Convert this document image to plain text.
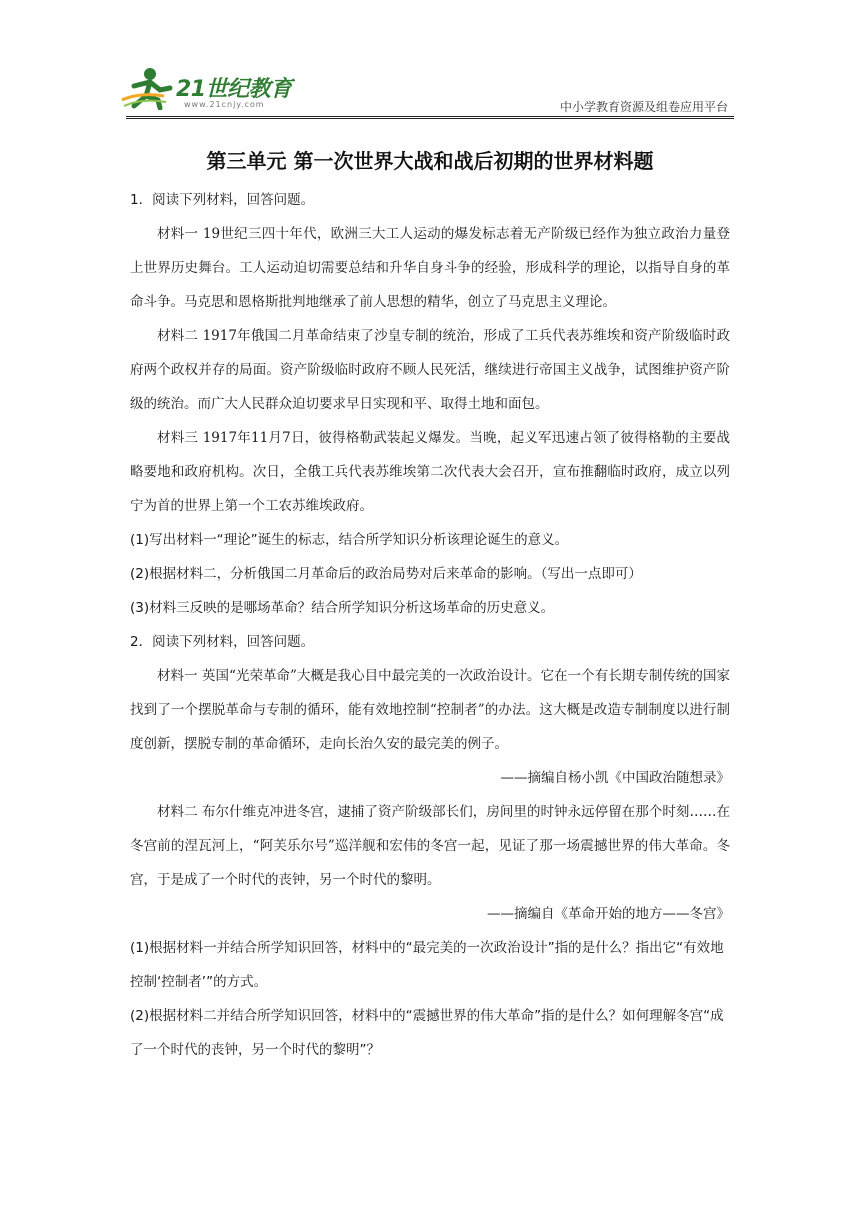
21世纪教育
www.21cnjy.com	中小学教育资源及组卷应用平台
第三单元 第一次世界大战和战后初期的世界材料题

1．阅读下列材料，回答问题。

材料一 19世纪三四十年代，欧洲三大工人运动的爆发标志着无产阶级已经作为独立政治力量登上世界历史舞台。工人运动迫切需要总结和升华自身斗争的经验，形成科学的理论，以指导自身的革命斗争。马克思和恩格斯批判地继承了前人思想的精华，创立了马克思主义理论。

材料二 1917年俄国二月革命结束了沙皇专制的统治，形成了工兵代表苏维埃和资产阶级临时政府两个政权并存的局面。资产阶级临时政府不顾人民死活，继续进行帝国主义战争，试图维护资产阶级的统治。而广大人民群众迫切要求早日实现和平、取得土地和面包。

材料三 1917年11月7日，彼得格勒武装起义爆发。当晚，起义军迅速占领了彼得格勒的主要战略要地和政府机构。次日，全俄工兵代表苏维埃第二次代表大会召开，宣布推翻临时政府，成立以列宁为首的世界上第一个工农苏维埃政府。

(1)写出材料一“理论”诞生的标志，结合所学知识分析该理论诞生的意义。

(2)根据材料二，分析俄国二月革命后的政治局势对后来革命的影响。（写出一点即可）

(3)材料三反映的是哪场革命？结合所学知识分析这场革命的历史意义。

2．阅读下列材料，回答问题。

材料一 英国“光荣革命”大概是我心目中最完美的一次政治设计。它在一个有长期专制传统的国家找到了一个摆脱革命与专制的循环，能有效地控制“控制者”的办法。这大概是改造专制制度以进行制度创新，摆脱专制的革命循环，走向长治久安的最完美的例子。

——摘编自杨小凯《中国政治随想录》

材料二 布尔什维克冲进冬宫，逮捕了资产阶级部长们，房间里的时钟永远停留在那个时刻……在冬宫前的涅瓦河上，“阿芙乐尔号”巡洋舰和宏伟的冬宫一起，见证了那一场震撼世界的伟大革命。冬宫，于是成了一个时代的丧钟，另一个时代的黎明。

——摘编自《革命开始的地方——冬宫》

(1)根据材料一并结合所学知识回答，材料中的“最完美的一次政治设计”指的是什么？指出它“有效地控制‘控制者’”的方式。

(2)根据材料二并结合所学知识回答，材料中的“震撼世界的伟大革命”指的是什么？如何理解冬宫“成了一个时代的丧钟，另一个时代的黎明”？
